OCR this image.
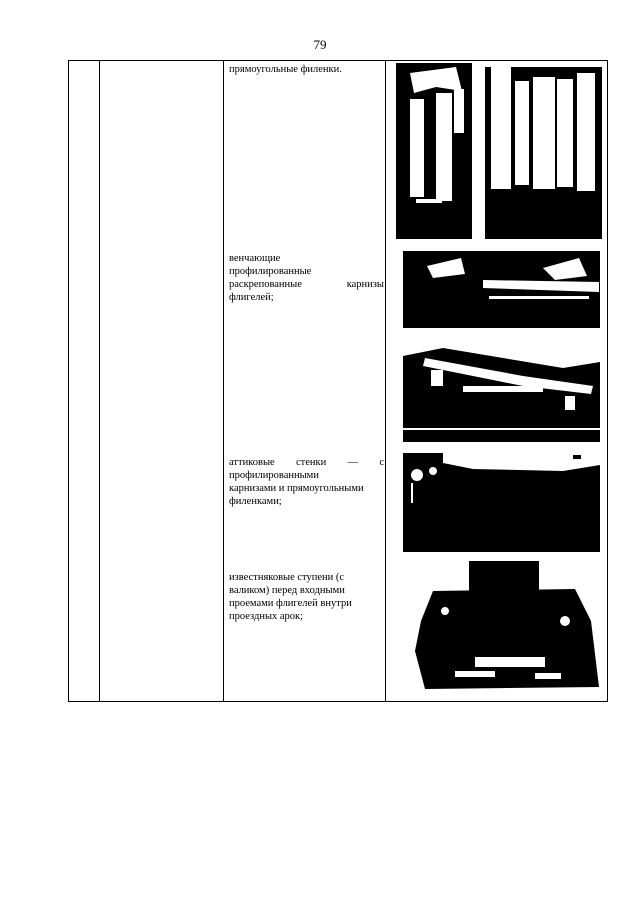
79
прямоугольные филенки.
венчающие
профилированные
раскрепованные карнизы
флигелей;
аттиковые стенки — с
профилированными
карнизами и прямоугольными
филенками;
известняковые ступени (с
валиком) перед входными
проемами флигелей внутри
проездных арок;
